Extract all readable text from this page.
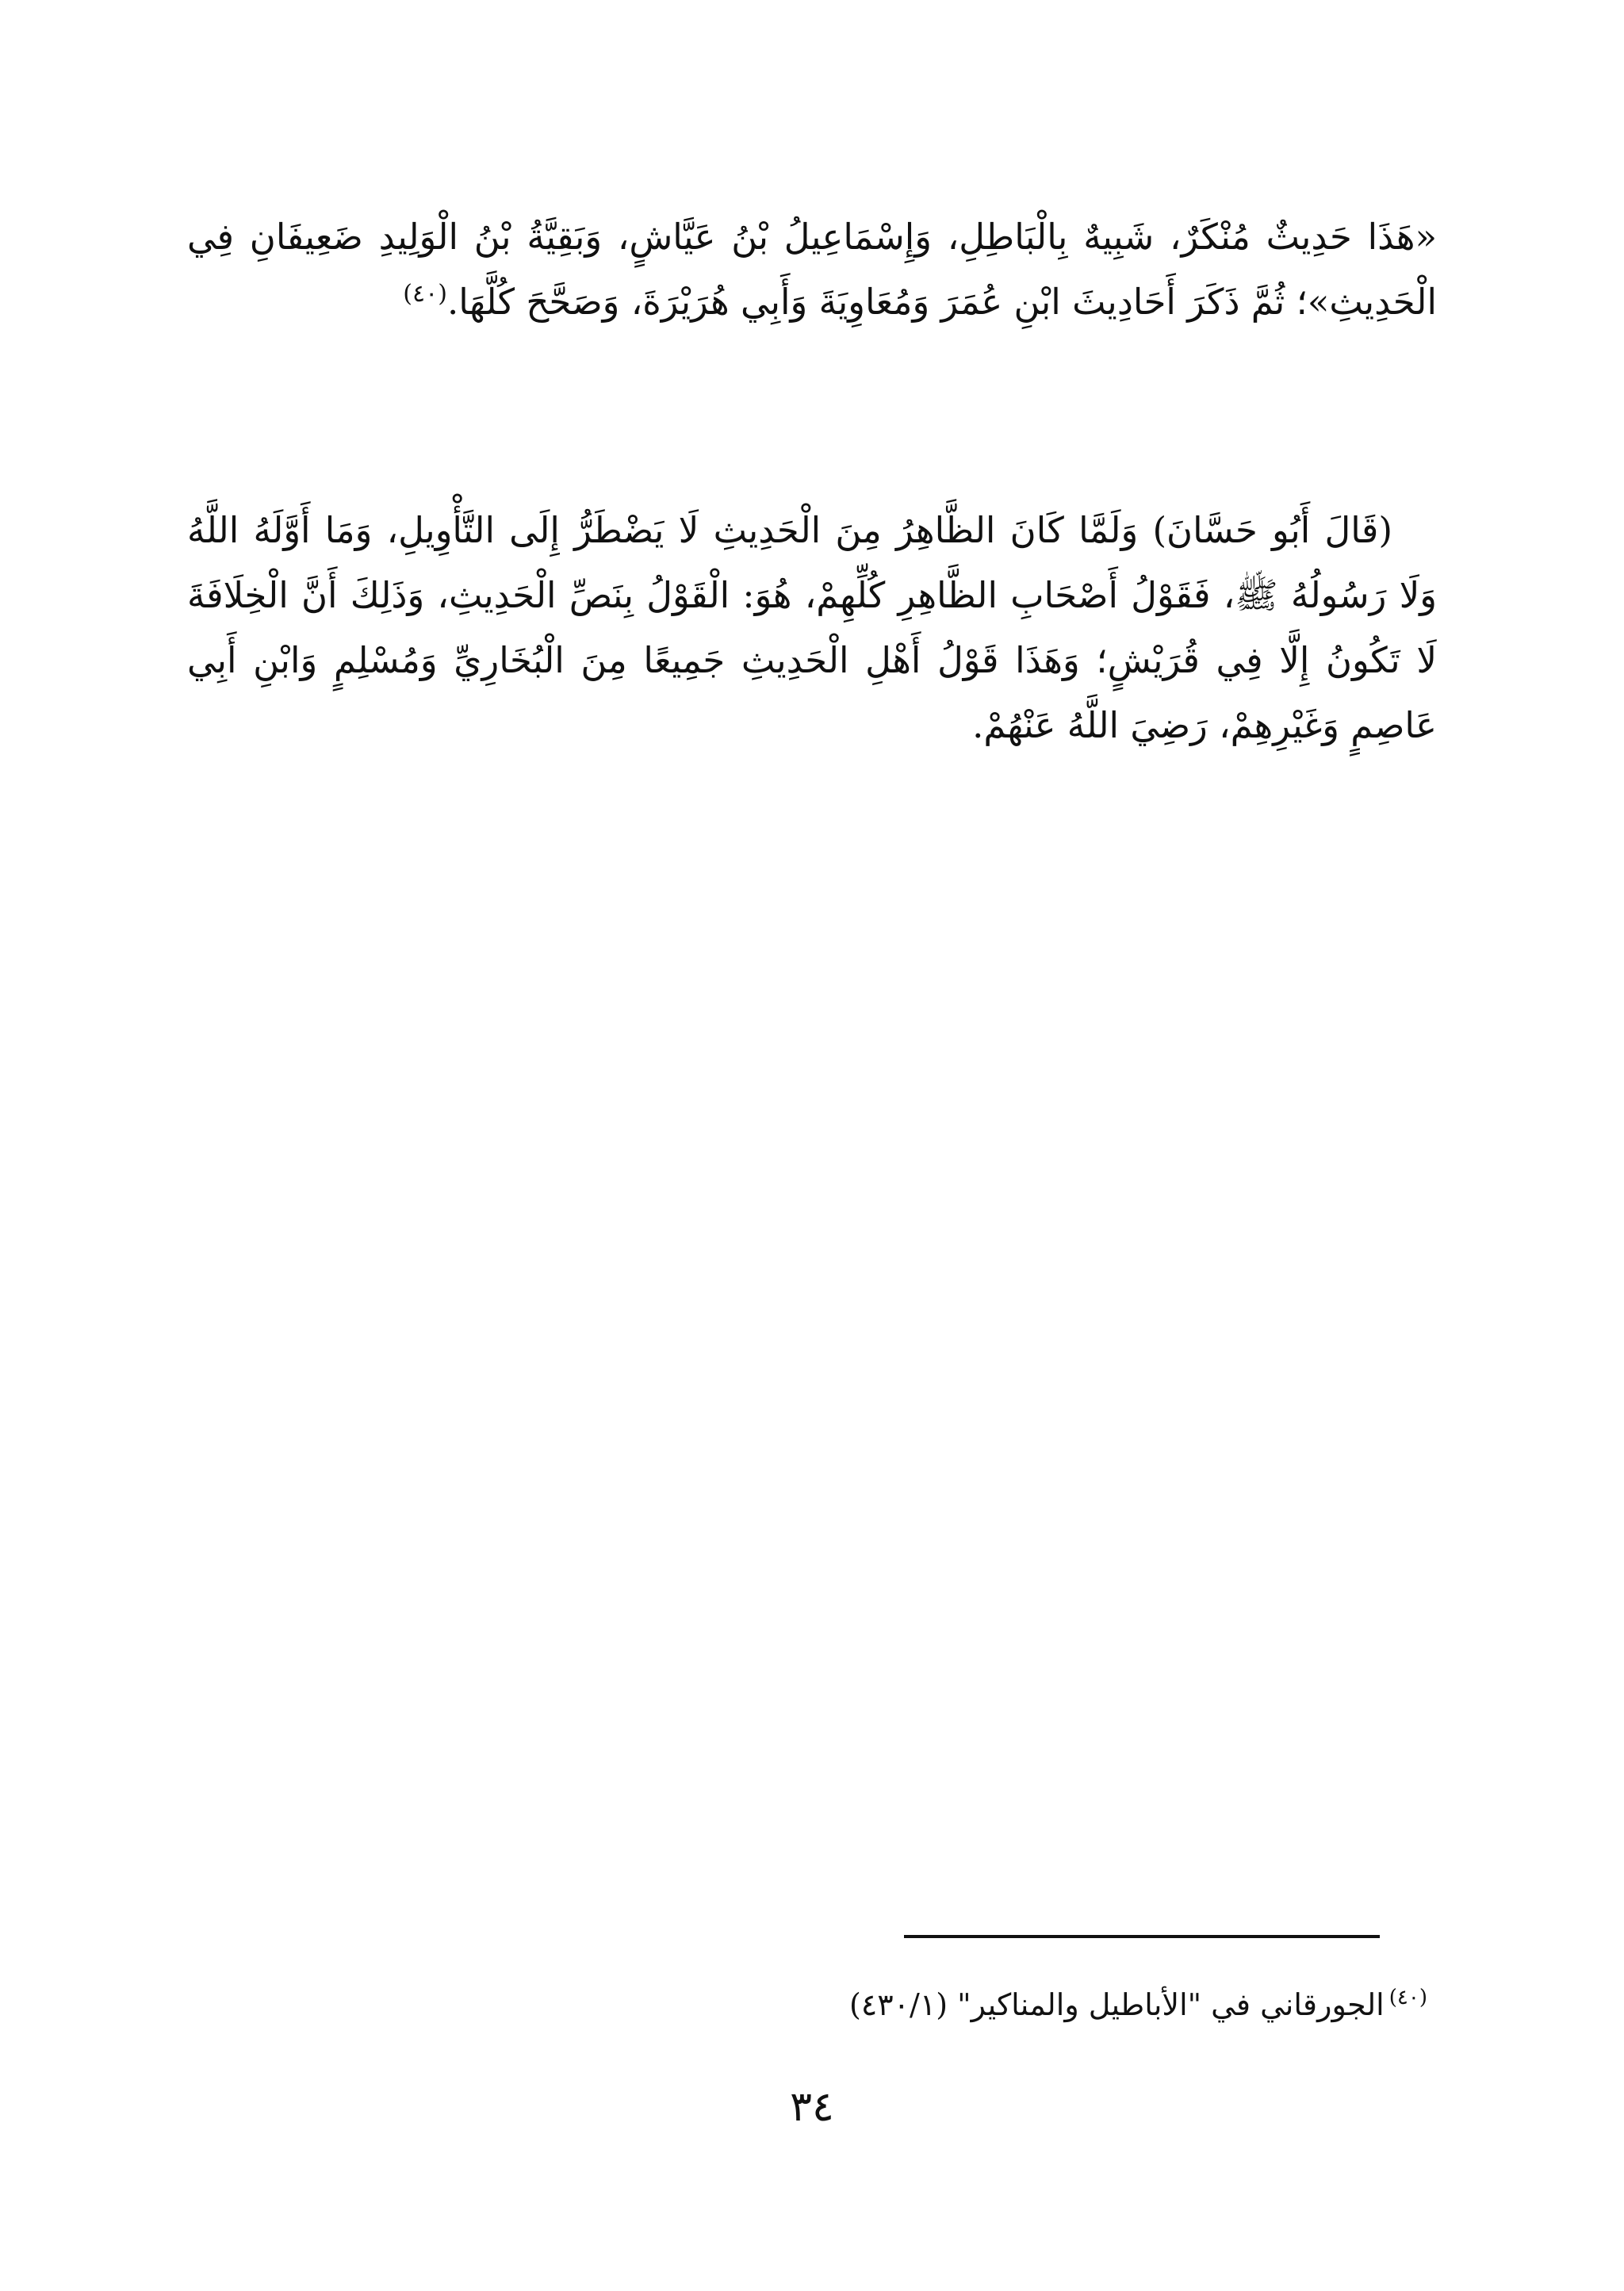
«هَذَا حَدِيثٌ مُنْكَرٌ، شَبِيهٌ بِالْبَاطِلِ، وَإِسْمَاعِيلُ بْنُ عَيَّاشٍ، وَبَقِيَّةُ بْنُ الْوَلِيدِ ضَعِيفَانِ فِي الْحَدِيثِ»؛ ثُمَّ ذَكَرَ أَحَادِيثَ ابْنِ عُمَرَ وَمُعَاوِيَةَ وَأَبِي هُرَيْرَةَ، وَصَحَّحَ كُلَّهَا.$^{(٤٠)}$

(قَالَ أَبُو حَسَّانَ) وَلَمَّا كَانَ الظَّاهِرُ مِنَ الْحَدِيثِ لَا يَضْطَرُّ إِلَى التَّأْوِيلِ، وَمَا أَوَّلَهُ اللَّهُ وَلَا رَسُولُهُ ﷺ، فَقَوْلُ أَصْحَابِ الظَّاهِرِ كُلِّهِمْ، هُوَ: الْقَوْلُ بِنَصِّ الْحَدِيثِ، وَذَلِكَ أَنَّ الْخِلَافَةَ لَا تَكُونُ إِلَّا فِي قُرَيْشٍ؛ وَهَذَا قَوْلُ أَهْلِ الْحَدِيثِ جَمِيعًا مِنَ الْبُخَارِيِّ وَمُسْلِمٍ وَابْنِ أَبِي عَاصِمٍ وَغَيْرِهِمْ، رَضِيَ اللَّهُ عَنْهُمْ.

$^{(٤٠)}$الجورقاني في "الأباطيل والمناكير" (٤٣٠/١)

٣٤
